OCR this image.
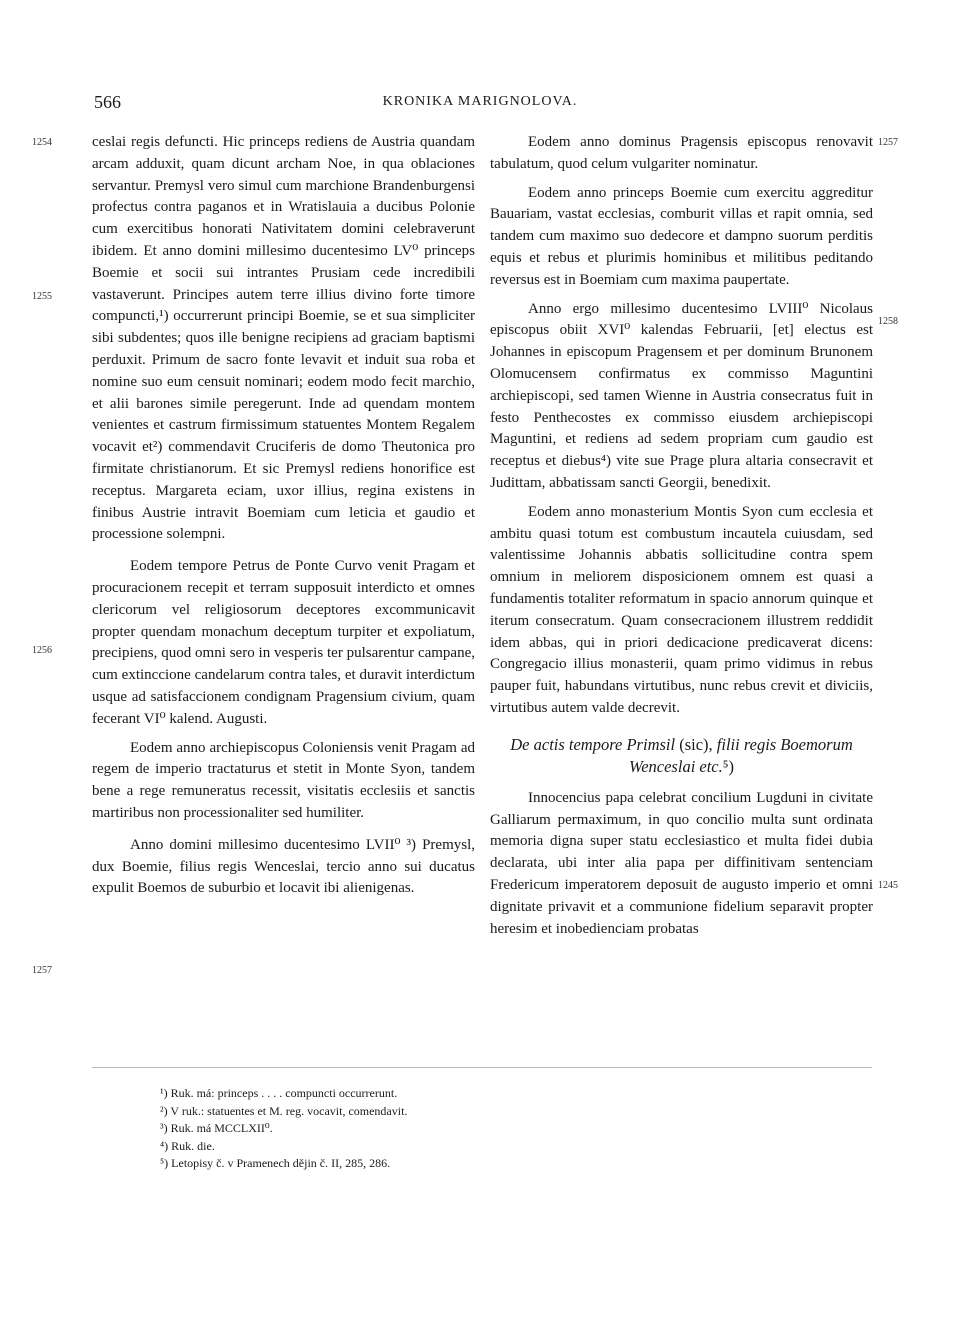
566	KRONIKA MARIGNOLOVA.
1254
1255
1256
1257
1257
1258
1245

ceslai regis defuncti. Hic princeps rediens de Austria quandam arcam adduxit, quam dicunt archam Noe, in qua oblaciones servantur. Premysl vero simul cum marchione Brandenburgensi profectus contra paganos et in Wratislauia a ducibus Polonie cum exercitibus honorati Nativitatem domini celebraverunt ibidem. Et anno domini millesimo ducentesimo LV⁰ princeps Boemie et socii sui intrantes Prusiam cede incredibili vastaverunt. Principes autem terre illius divino forte timore compuncti,¹) occurrerunt principi Boemie, se et sua simpliciter sibi subdentes; quos ille benigne recipiens ad graciam baptismi perduxit. Primum de sacro fonte levavit et induit sua roba et nomine suo eum censuit nominari; eodem modo fecit marchio, et alii barones simile peregerunt. Inde ad quendam montem venientes et castrum firmissimum statuentes Montem Regalem vocavit et²) commendavit Cruciferis de domo Theutonica pro firmitate christianorum. Et sic Premysl rediens honorifice est receptus. Margareta eciam, uxor illius, regina existens in finibus Austrie intravit Boemiam cum leticia et gaudio et processione solempni.

Eodem tempore Petrus de Ponte Curvo venit Pragam et procuracionem recepit et terram supposuit interdicto et omnes clericorum vel religiosorum deceptores excommunicavit propter quendam monachum deceptum turpiter et expoliatum, precipiens, quod omni sero in vesperis ter pulsarentur campane, cum extinccione candelarum contra tales, et duravit interdictum usque ad satisfaccionem condignam Pragensium civium, quam fecerant VI⁰ kalend. Augusti.

Eodem anno archiepiscopus Coloniensis venit Pragam ad regem de imperio tractaturus et stetit in Monte Syon, tandem bene a rege remuneratus recessit, visitatis ecclesiis et sanctis martiribus non processionaliter sed humiliter.

Anno domini millesimo ducentesimo LVII⁰ ³) Premysl, dux Boemie, filius regis Wenceslai, tercio anno sui ducatus expulit Boemos de suburbio et locavit ibi alienigenas.

Eodem anno dominus Pragensis episcopus renovavit tabulatum, quod celum vulgariter nominatur.

Eodem anno princeps Boemie cum exercitu aggreditur Bauariam, vastat ecclesias, comburit villas et rapit omnia, sed tandem cum maximo suo dedecore et dampno suorum perditis equis et rebus et plurimis hominibus et militibus peditando reversus est in Boemiam cum maxima paupertate.

Anno ergo millesimo ducentesimo LVIII⁰ Nicolaus episcopus obiit XVI⁰ kalendas Februarii, [et] electus est Johannes in episcopum Pragensem et per dominum Brunonem Olomucensem confirmatus ex commisso Maguntini archiepiscopi, sed tamen Wienne in Austria consecratus fuit in festo Penthecostes ex commisso eiusdem archiepiscopi Maguntini, et rediens ad sedem propriam cum gaudio est receptus et diebus⁴) vite sue Prage plura altaria consecravit et Judittam, abbatissam sancti Georgii, benedixit.

Eodem anno monasterium Montis Syon cum ecclesia et ambitu quasi totum est combustum incautela cuiusdam, sed valentissime Johannis abbatis sollicitudine contra spem omnium in meliorem disposicionem omnem est quasi a fundamentis totaliter reformatum in spacio annorum quinque et iterum consecratum. Quam consecracionem illustrem reddidit idem abbas, qui in priori dedicacione predicaverat dicens: Congregacio illius monasterii, quam primo vidimus in rebus pauper fuit, habundans virtutibus, nunc rebus crevit et diviciis, virtutibus autem valde decrevit.

De actis tempore Primsil (sic), filii regis Boemorum Wenceslai etc.⁵)

Innocencius papa celebrat concilium Lugduni in civitate Galliarum permaximum, in quo concilio multa sunt ordinata memoria digna super statu ecclesiastico et multa fidei dubia declarata, ubi inter alia papa per diffinitivam sentenciam Fredericum imperatorem deposuit de augusto imperio et omni dignitate privavit et a communione fidelium separavit propter heresim et inobedienciam probatas

¹) Ruk. má: princeps . . . . compuncti occurrerunt.

²) V ruk.: statuentes et M. reg. vocavit, comendavit.

³) Ruk. má MCCLXII⁰.

⁴) Ruk. die.

⁵) Letopisy č. v Pramenech dějin č. II, 285, 286.
